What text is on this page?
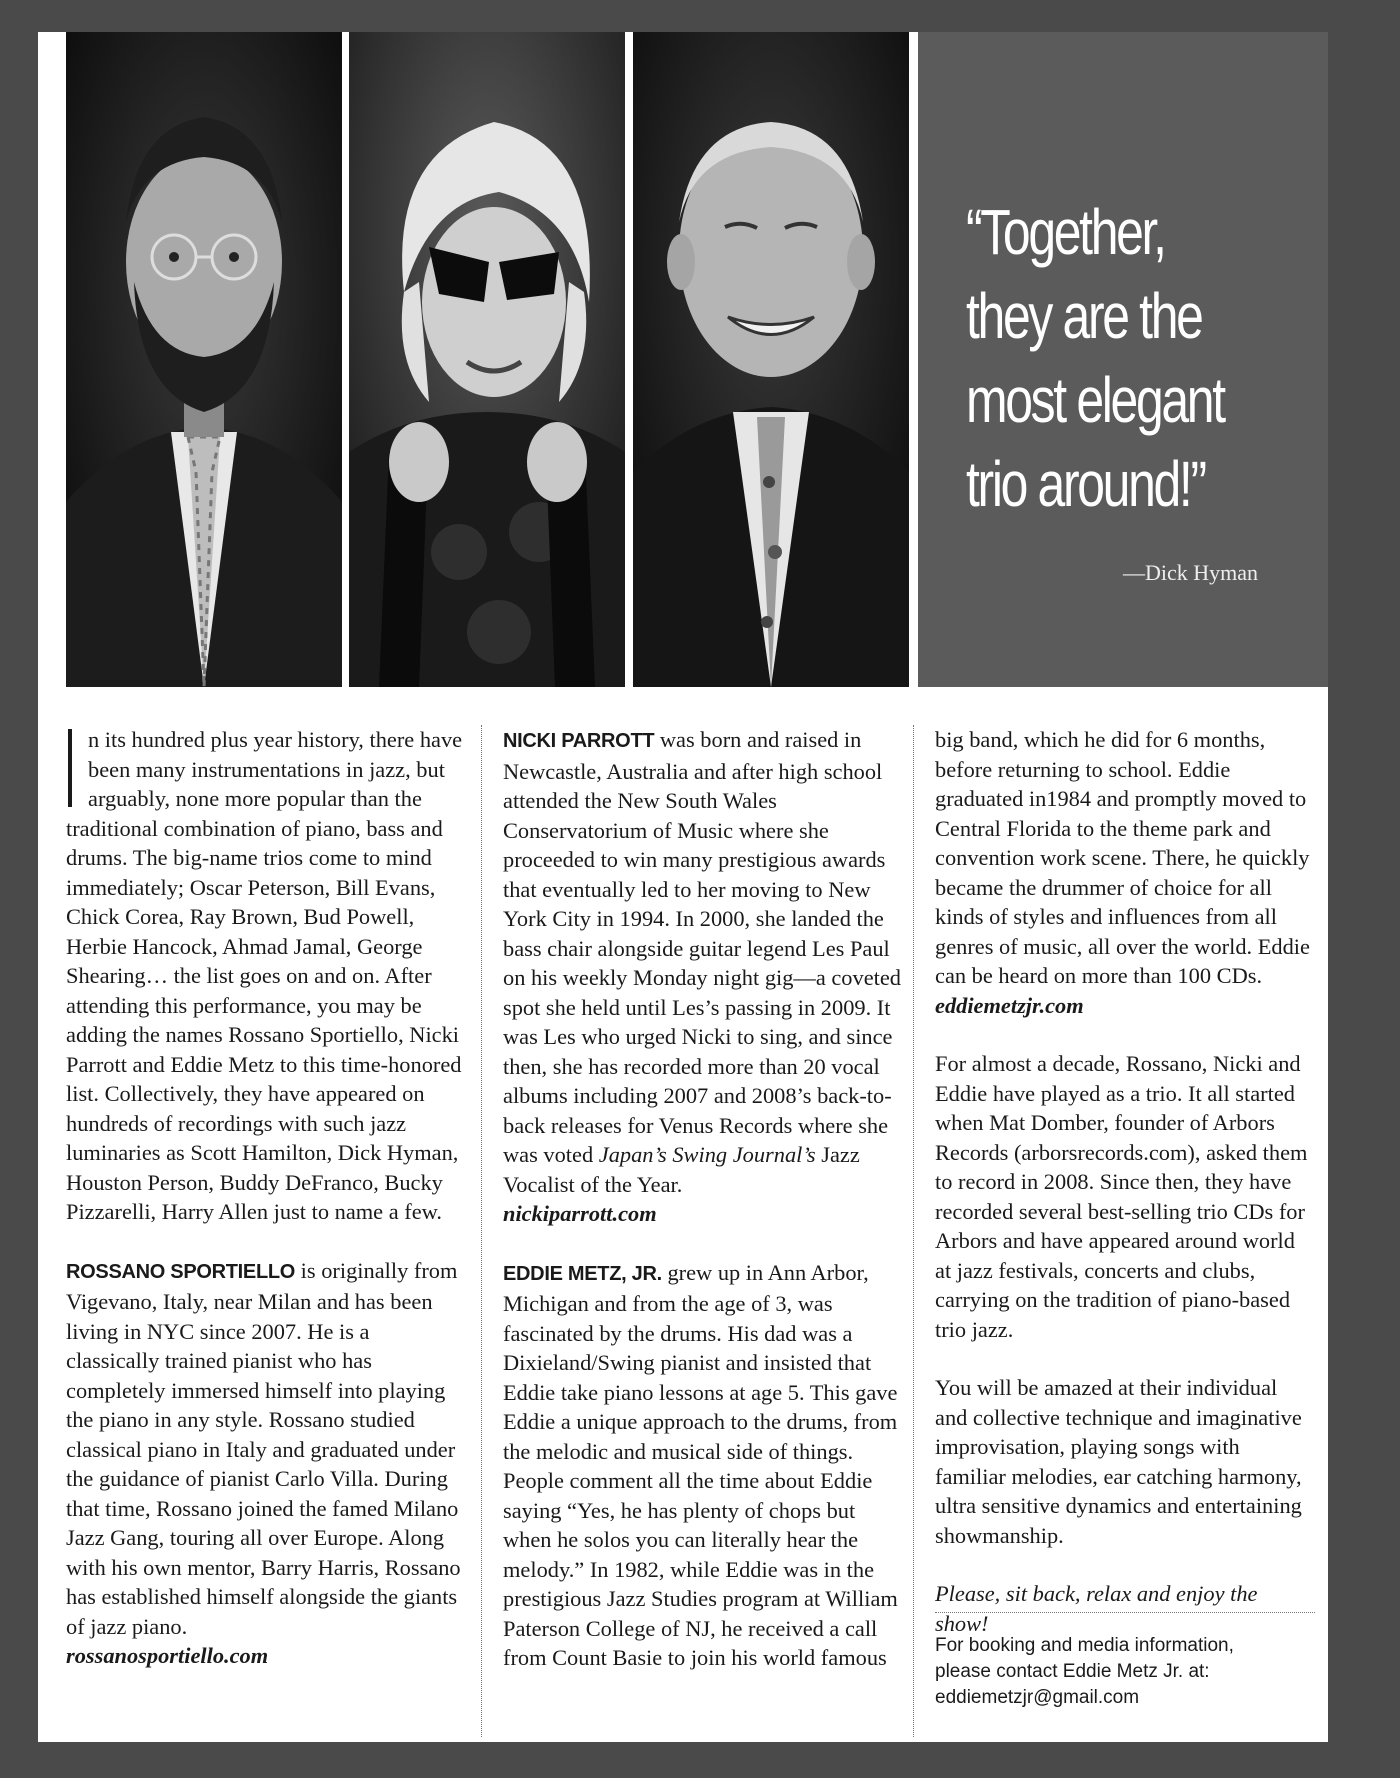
“Together,
they are the
most elegant
trio around!”
—Dick Hyman

n its hundred plus year history, there have been many instrumentations in jazz, but arguably, none more popular than the traditional combination of piano, bass and drums. The big-name trios come to mind immediately; Oscar Peterson, Bill Evans, Chick Corea, Ray Brown, Bud Powell, Herbie Hancock, Ahmad Jamal, George Shearing… the list goes on and on. After attending this performance, you may be adding the names Rossano Sportiello, Nicki Parrott and Eddie Metz to this time-honored list. Collectively, they have appeared on hundreds of recordings with such jazz luminaries as Scott Hamilton, Dick Hyman, Houston Person, Buddy DeFranco, Bucky Pizzarelli, Harry Allen just to name a few.

ROSSANO SPORTIELLO is originally from Vigevano, Italy, near Milan and has been living in NYC since 2007. He is a classically trained pianist who has completely immersed himself into playing the piano in any style. Rossano studied classical piano in Italy and graduated under the guidance of pianist Carlo Villa. During that time, Rossano joined the famed Milano Jazz Gang, touring all over Europe. Along with his own mentor, Barry Harris, Rossano has established himself alongside the giants of jazz piano.
rossanosportiello.com

NICKI PARROTT was born and raised in Newcastle, Australia and after high school attended the New South Wales Conservatorium of Music where she proceeded to win many prestigious awards that eventually led to her moving to New York City in 1994. In 2000, she landed the bass chair alongside guitar legend Les Paul on his weekly Monday night gig—a coveted spot she held until Les’s passing in 2009. It was Les who urged Nicki to sing, and since then, she has recorded more than 20 vocal albums including 2007 and 2008’s back-to-back releases for Venus Records where she was voted Japan’s Swing Journal’s Jazz Vocalist of the Year.
nickiparrott.com

EDDIE METZ, JR. grew up in Ann Arbor, Michigan and from the age of 3, was fascinated by the drums. His dad was a Dixieland/Swing pianist and insisted that Eddie take piano lessons at age 5. This gave Eddie a unique approach to the drums, from the melodic and musical side of things. People comment all the time about Eddie saying “Yes, he has plenty of chops but when he solos you can literally hear the melody.” In 1982, while Eddie was in the prestigious Jazz Studies program at William Paterson College of NJ, he received a call from Count Basie to join his world famous

big band, which he did for 6 months, before returning to school. Eddie graduated in1984 and promptly moved to Central Florida to the theme park and convention work scene. There, he quickly became the drummer of choice for all kinds of styles and influences from all genres of music, all over the world. Eddie can be heard on more than 100 CDs. eddiemetzjr.com

For almost a decade, Rossano, Nicki and Eddie have played as a trio. It all started when Mat Domber, founder of Arbors Records (arborsrecords.com), asked them to record in 2008. Since then, they have recorded several best-selling trio CDs for Arbors and have appeared around world at jazz festivals, concerts and clubs, carrying on the tradition of piano-based trio jazz.

You will be amazed at their individual and collective technique and imaginative improvisation, playing songs with familiar melodies, ear catching harmony, ultra sensitive dynamics and entertaining showmanship.

Please, sit back, relax and enjoy the show!

For booking and media information,
please contact Eddie Metz Jr. at:
eddiemetzjr@gmail.com
